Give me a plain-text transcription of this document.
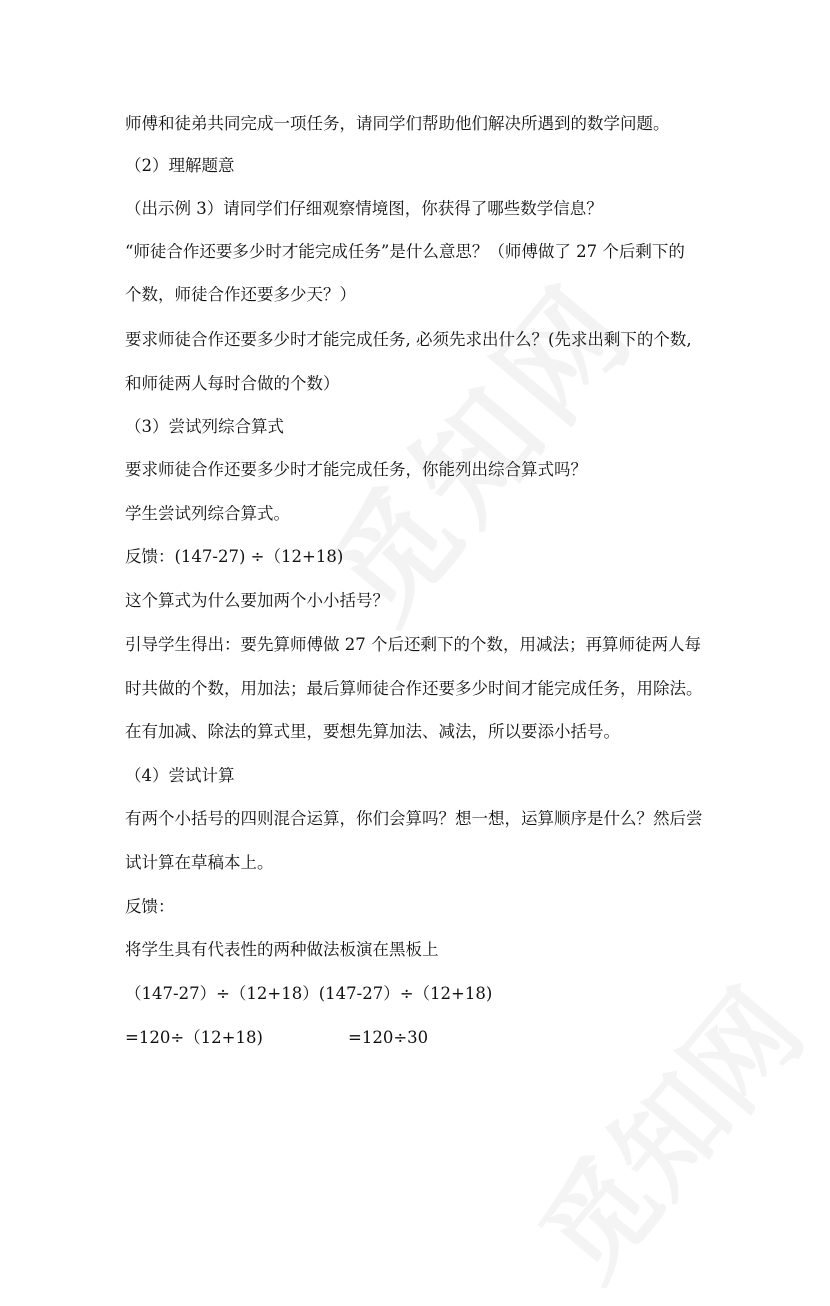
师傅和徒弟共同完成一项任务，请同学们帮助他们解决所遇到的数学问题。
（2）理解题意
（出示例 3）请同学们仔细观察情境图，你获得了哪些数学信息？
“师徒合作还要多少时才能完成任务”是什么意思？（师傅做了 27 个后剩下的
个数，师徒合作还要多少天？）
要求师徒合作还要多少时才能完成任务, 必须先求出什么？(先求出剩下的个数,
和师徒两人每时合做的个数）
（3）尝试列综合算式
要求师徒合作还要多少时才能完成任务，你能列出综合算式吗？
学生尝试列综合算式。
反馈：(147-27) ÷（12+18)
这个算式为什么要加两个小小括号？
引导学生得出：要先算师傅做 27 个后还剩下的个数，用减法；再算师徒两人每
时共做的个数，用加法；最后算师徒合作还要多少时间才能完成任务，用除法。
在有加减、除法的算式里，要想先算加法、减法，所以要添小括号。
（4）尝试计算
有两个小括号的四则混合运算，你们会算吗？想一想，运算顺序是什么？然后尝
试计算在草稿本上。
反馈：
将学生具有代表性的两种做法板演在黑板上
（147-27）÷（12+18）(147-27）÷（12+18)
=120÷（12+18)	=120÷30
